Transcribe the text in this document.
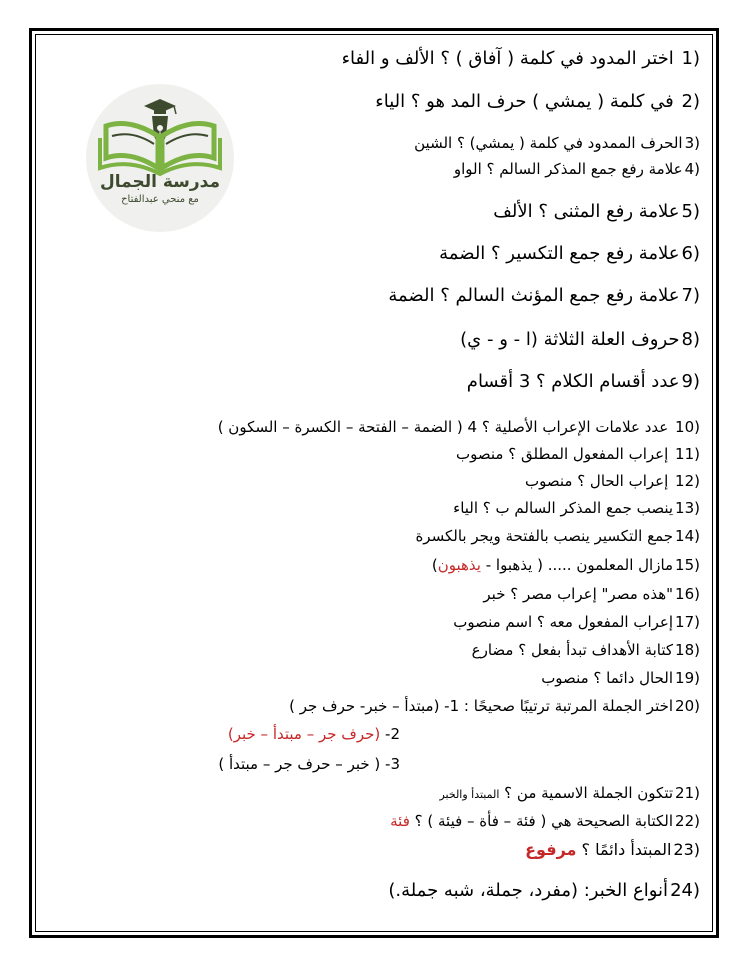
مدرسة الجمال
مع منحي عبدالفتاح
1) اختر المدود في كلمة ( آفاق ) ؟ الألف و الفاء
2) في كلمة ( يمشي ) حرف المد هو ؟ الياء
3)الحرف الممدود في كلمة ( يمشي) ؟ الشين
4)علامة رفع جمع المذكر السالم ؟ الواو
5)علامة رفع المثنى ؟ الألف
6)علامة رفع جمع التكسير ؟ الضمة
7)علامة رفع جمع المؤنث السالم ؟ الضمة
8)حروف العلة الثلاثة (ا - و - ي)
9)عدد أقسام الكلام ؟ 3 أقسام
10) عدد علامات الإعراب الأصلية ؟ 4 ( الضمة – الفتحة – الكسرة – السكون )
11) إعراب المفعول المطلق ؟ منصوب
12) إعراب الحال ؟ منصوب
13)ينصب جمع المذكر السالم ب ؟ الياء
14)جمع التكسير ينصب بالفتحة ويجر بالكسرة
15)مازال المعلمون ..... ( يذهبوا - يذهبون)
16)"هذه مصر" إعراب مصر ؟ خبر
17)إعراب المفعول معه ؟ اسم منصوب
18)كتابة الأهداف تبدأ بفعل ؟ مضارع
19)الحال دائما ؟ منصوب
20)اختر الجملة المرتبة ترتيبًا صحيحًا : 1- (مبتدأ – خبر- حرف جر )
2- (حرف جر – مبتدأ – خبر)
3- ( خبر – حرف جر – مبتدأ )
21)تتكون الجملة الاسمية من ؟ المبتدأ والخبر
22)الكتابة الصحيحة هي ( فئة – فأة – فيئة ) ؟ فئة
23)المبتدأ دائمًا ؟ مرفوع
24)أنواع الخبر: (مفرد، جملة، شبه جملة.)
